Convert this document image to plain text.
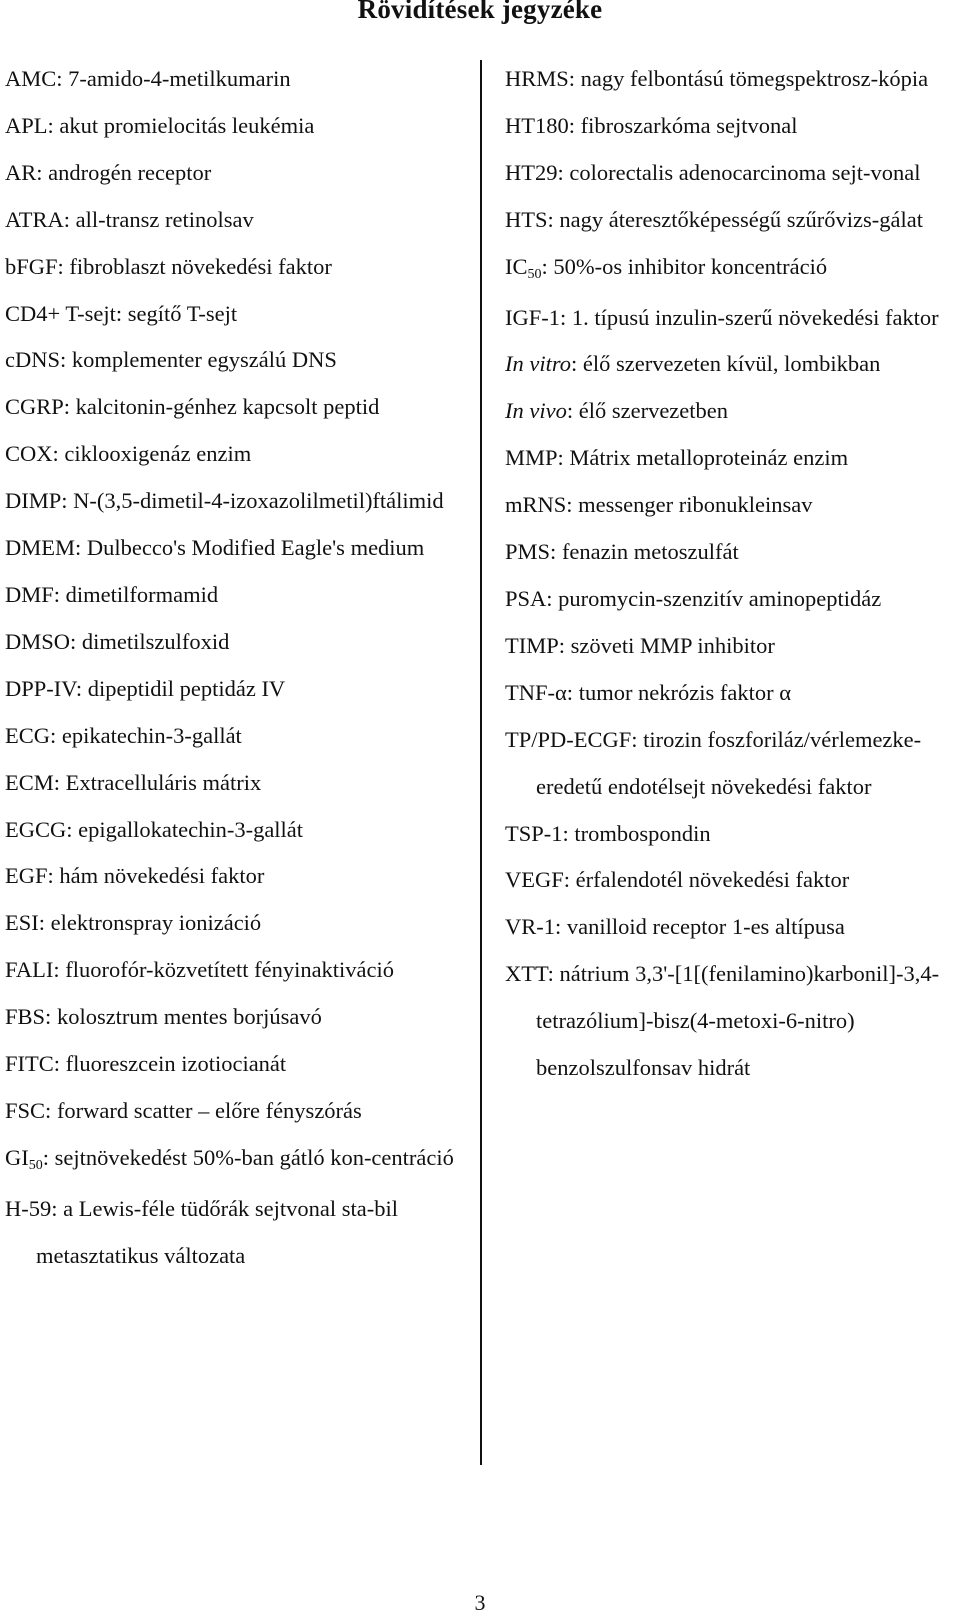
Rövidítések jegyzéke
AMC: 7-amido-4-metilkumarin
APL: akut promielocitás leukémia
AR: androgén receptor
ATRA: all-transz retinolsav
bFGF: fibroblaszt növekedési faktor
CD4+ T-sejt: segítő T-sejt
cDNS: komplementer egyszálú DNS
CGRP: kalcitonin-génhez kapcsolt peptid
COX: ciklooxigenáz enzim
DIMP: N-(3,5-dimetil-4-izoxazolilmetil)ftálimid
DMEM: Dulbecco's Modified Eagle's medium
DMF: dimetilformamid
DMSO: dimetilszulfoxid
DPP-IV: dipeptidil peptidáz IV
ECG: epikatechin-3-gallát
ECM: Extracelluláris mátrix
EGCG: epigallokatechin-3-gallát
EGF: hám növekedési faktor
ESI: elektronspray ionizáció
FALI: fluorofór-közvetített fényinaktiváció
FBS: kolosztrum mentes borjúsavó
FITC: fluoreszcein izotiocianát
FSC: forward scatter – előre fényszórás
GI50: sejtnövekedést 50%-ban gátló kon-centráció
H-59: a Lewis-féle tüdőrák sejtvonal sta-bil metasztatikus változata
HRMS: nagy felbontású tömegspektrosz-kópia
HT180: fibroszarkóma sejtvonal
HT29: colorectalis adenocarcinoma sejt-vonal
HTS: nagy áteresztőképességű szűrővizs-gálat
IC50: 50%-os inhibitor koncentráció
IGF-1: 1. típusú inzulin-szerű növekedési faktor
In vitro: élő szervezeten kívül, lombikban
In vivo: élő szervezetben
MMP: Mátrix metalloproteináz enzim
mRNS: messenger ribonukleinsav
PMS: fenazin metoszulfát
PSA: puromycin-szenzitív aminopeptidáz
TIMP: szöveti MMP inhibitor
TNF-α: tumor nekrózis faktor α
TP/PD-ECGF: tirozin foszforiláz/vérlemezke-eredetű endotélsejt növekedési faktor
TSP-1: trombospondin
VEGF: érfalendotél növekedési faktor
VR-1: vanilloid receptor 1-es altípusa
XTT: nátrium 3,3'-[1[(fenilamino)karbonil]-3,4-tetrazólium]-bisz(4-metoxi-6-nitro) benzolszulfonsav hidrát
3
